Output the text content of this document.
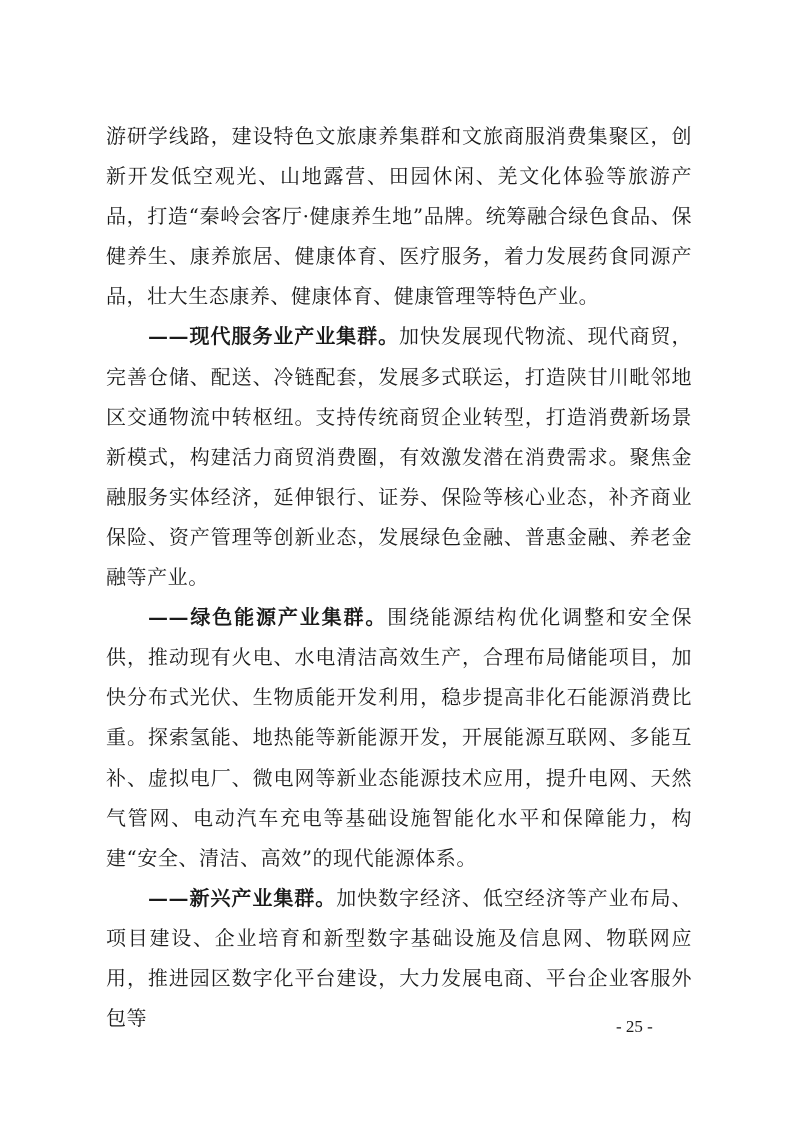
游研学线路，建设特色文旅康养集群和文旅商服消费集聚区，创新开发低空观光、山地露营、田园休闲、羌文化体验等旅游产品，打造“秦岭会客厅·健康养生地”品牌。统筹融合绿色食品、保健养生、康养旅居、健康体育、医疗服务，着力发展药食同源产品，壮大生态康养、健康体育、健康管理等特色产业。

——现代服务业产业集群。加快发展现代物流、现代商贸，完善仓储、配送、冷链配套，发展多式联运，打造陕甘川毗邻地区交通物流中转枢纽。支持传统商贸企业转型，打造消费新场景新模式，构建活力商贸消费圈，有效激发潜在消费需求。聚焦金融服务实体经济，延伸银行、证券、保险等核心业态，补齐商业保险、资产管理等创新业态，发展绿色金融、普惠金融、养老金融等产业。

——绿色能源产业集群。围绕能源结构优化调整和安全保供，推动现有火电、水电清洁高效生产，合理布局储能项目，加快分布式光伏、生物质能开发利用，稳步提高非化石能源消费比重。探索氢能、地热能等新能源开发，开展能源互联网、多能互补、虚拟电厂、微电网等新业态能源技术应用，提升电网、天然气管网、电动汽车充电等基础设施智能化水平和保障能力，构建“安全、清洁、高效”的现代能源体系。

——新兴产业集群。加快数字经济、低空经济等产业布局、项目建设、企业培育和新型数字基础设施及信息网、物联网应用，推进园区数字化平台建设，大力发展电商、平台企业客服外包等	- 25 -
